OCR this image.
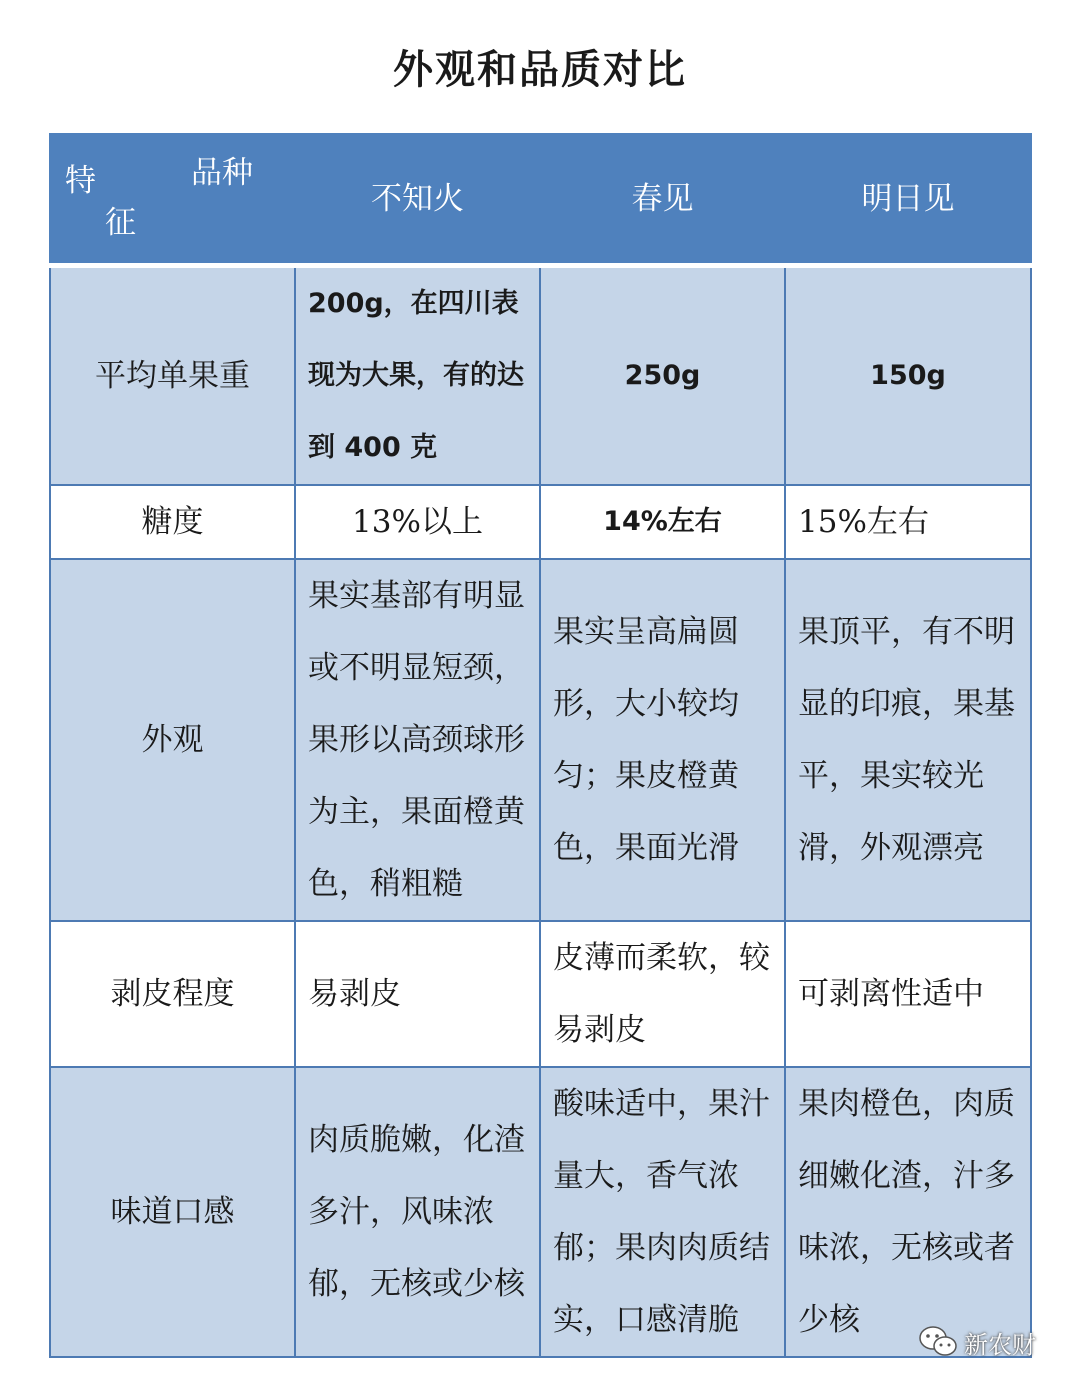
外观和品质对比
品种
特
征	不知火	春见	明日见
平均单果重	200g，在四川表现为大果，有的达到 400 克	250g	150g
糖度	13%以上	14%左右	15%左右
外观	果实基部有明显或不明显短颈，果形以高颈球形为主，果面橙黄色，稍粗糙	果实呈高扁圆形，大小较均匀；果皮橙黄色，果面光滑	果顶平，有不明显的印痕，果基平，果实较光滑，外观漂亮
剥皮程度	易剥皮	皮薄而柔软，较易剥皮	可剥离性适中
味道口感	肉质脆嫩，化渣多汁，风味浓郁，无核或少核	酸味适中，果汁量大，香气浓郁；果肉肉质结实，口感清脆	果肉橙色，肉质细嫩化渣，汁多味浓，无核或者少核
新农财
